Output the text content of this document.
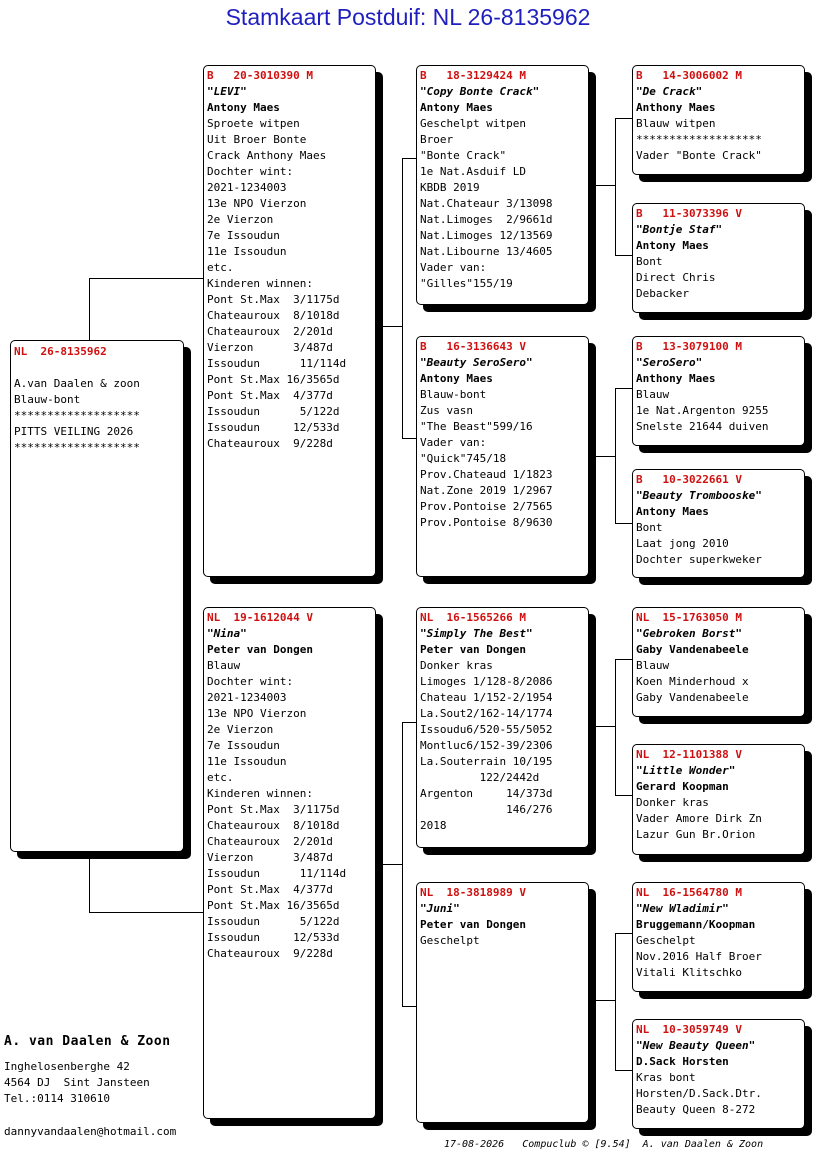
Stamkaart Postduif: NL 26-8135962
NL  26-8135962
A.van Daalen & zoon
Blauw-bont
*******************
PITTS VEILING 2026
*******************
B   20-3010390 M
"LEVI"
Antony Maes
Sproete witpen
Uit Broer Bonte
Crack Anthony Maes
Dochter wint:
2021-1234003
13e NPO Vierzon
2e Vierzon
7e Issoudun
11e Issoudun
etc.
Kinderen winnen:
Pont St.Max  3/1175d
Chateauroux  8/1018d
Chateauroux  2/201d
Vierzon      3/487d
Issoudun      11/114d
Pont St.Max 16/3565d
Pont St.Max  4/377d
Issoudun      5/122d
Issoudun     12/533d
Chateauroux  9/228d
NL  19-1612044 V
"Nina"
Peter van Dongen
Blauw
Dochter wint:
2021-1234003
13e NPO Vierzon
2e Vierzon
7e Issoudun
11e Issoudun
etc.
Kinderen winnen:
Pont St.Max  3/1175d
Chateauroux  8/1018d
Chateauroux  2/201d
Vierzon      3/487d
Issoudun      11/114d
Pont St.Max  4/377d
Pont St.Max 16/3565d
Issoudun      5/122d
Issoudun     12/533d
Chateauroux  9/228d
B   18-3129424 M
"Copy Bonte Crack"
Antony Maes
Geschelpt witpen
Broer
"Bonte Crack"
1e Nat.Asduif LD
KBDB 2019
Nat.Chateaur 3/13098
Nat.Limoges  2/9661d
Nat.Limoges 12/13569
Nat.Libourne 13/4605
Vader van:
"Gilles"155/19
B   16-3136643 V
"Beauty SeroSero"
Antony Maes
Blauw-bont
Zus vasn
"The Beast"599/16
Vader van:
"Quick"745/18
Prov.Chateaud 1/1823
Nat.Zone 2019 1/2967
Prov.Pontoise 2/7565
Prov.Pontoise 8/9630
NL  16-1565266 M
"Simply The Best"
Peter van Dongen
Donker kras
Limoges 1/128-8/2086
Chateau 1/152-2/1954
La.Sout2/162-14/1774
Issoudu6/520-55/5052
Montluc6/152-39/2306
La.Souterrain 10/195
122/2442d
Argenton     14/373d
146/276
2018
NL  18-3818989 V
"Juni"
Peter van Dongen
Geschelpt
B   14-3006002 M
"De Crack"
Anthony Maes
Blauw witpen
*******************
Vader "Bonte Crack"
B   11-3073396 V
"Bontje Staf"
Antony Maes
Bont
Direct Chris
Debacker
B   13-3079100 M
"SeroSero"
Anthony Maes
Blauw
1e Nat.Argenton 9255
Snelste 21644 duiven
B   10-3022661 V
"Beauty Trombooske"
Antony Maes
Bont
Laat jong 2010
Dochter superkweker
NL  15-1763050 M
"Gebroken Borst"
Gaby Vandenabeele
Blauw
Koen Minderhoud x
Gaby Vandenabeele
NL  12-1101388 V
"Little Wonder"
Gerard Koopman
Donker kras
Vader Amore Dirk Zn
Lazur Gun Br.Orion
NL  16-1564780 M
"New Wladimir"
Bruggemann/Koopman
Geschelpt
Nov.2016 Half Broer
Vitali Klitschko
NL  10-3059749 V
"New Beauty Queen"
D.Sack Horsten
Kras bont
Horsten/D.Sack.Dtr.
Beauty Queen 8-272
A. van Daalen & Zoon
Inghelosenberghe 42
4564 DJ  Sint Jansteen
Tel.:0114 310610
dannyvandaalen@hotmail.com
17-08-2026   Compuclub © [9.54]  A. van Daalen & Zoon
